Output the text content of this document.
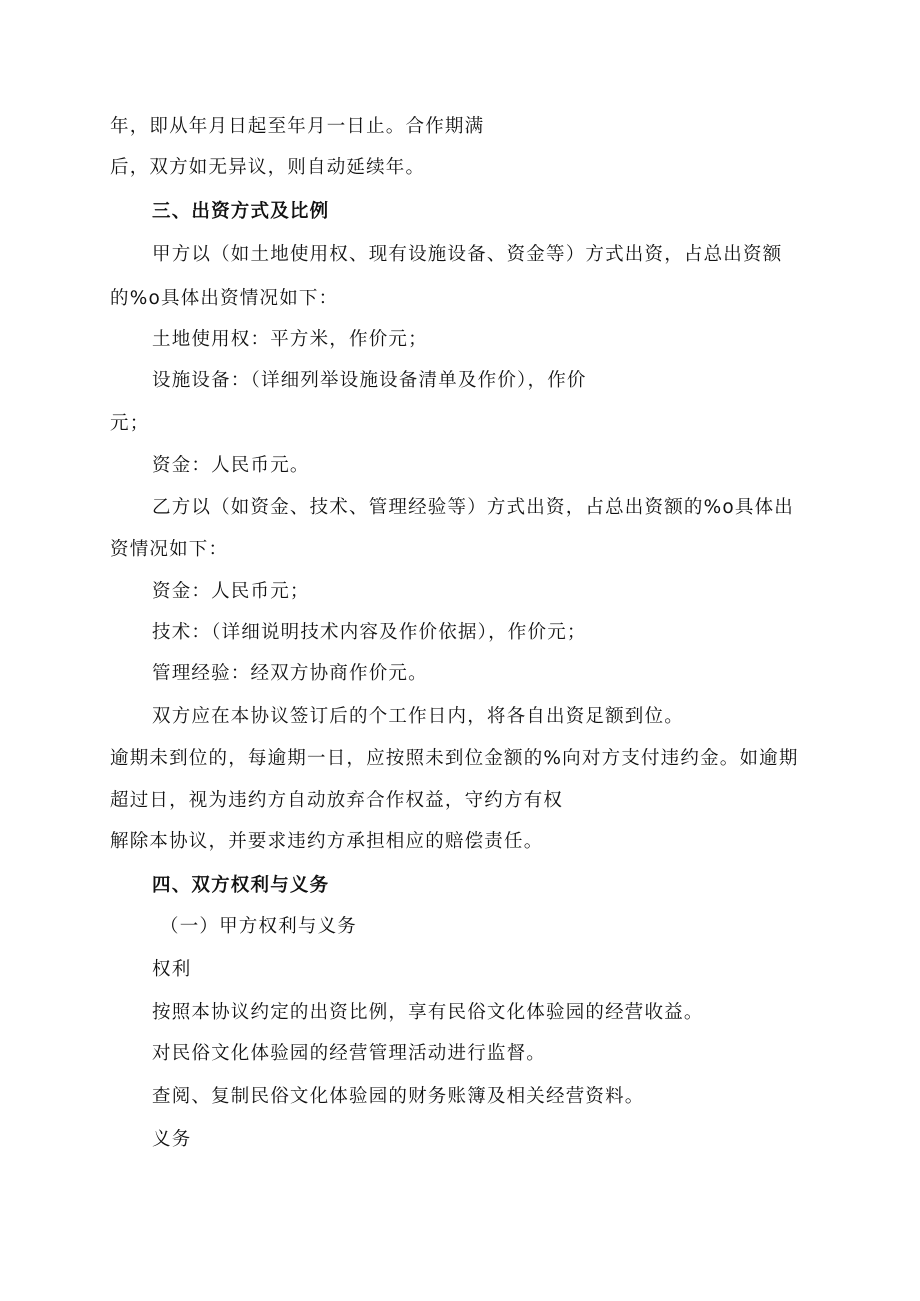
年，即从年月日起至年月一日止。合作期满
后，双方如无异议，则自动延续年。
三、出资方式及比例
甲方以（如土地使用权、现有设施设备、资金等）方式出资，占总出资额
的%o具体出资情况如下：
土地使用权：平方米，作价元；
设施设备：（详细列举设施设备清单及作价），作价
元；
资金：人民币元。
乙方以（如资金、技术、管理经验等）方式出资，占总出资额的%o具体出
资情况如下：
资金：人民币元；
技术：（详细说明技术内容及作价依据），作价元；
管理经验：经双方协商作价元。
双方应在本协议签订后的个工作日内，将各自出资足额到位。
逾期未到位的，每逾期一日，应按照未到位金额的%向对方支付违约金。如逾期
超过日，视为违约方自动放弃合作权益，守约方有权
解除本协议，并要求违约方承担相应的赔偿责任。
四、双方权利与义务
（一）甲方权利与义务
权利
按照本协议约定的出资比例，享有民俗文化体验园的经营收益。
对民俗文化体验园的经营管理活动进行监督。
查阅、复制民俗文化体验园的财务账簿及相关经营资料。
义务
